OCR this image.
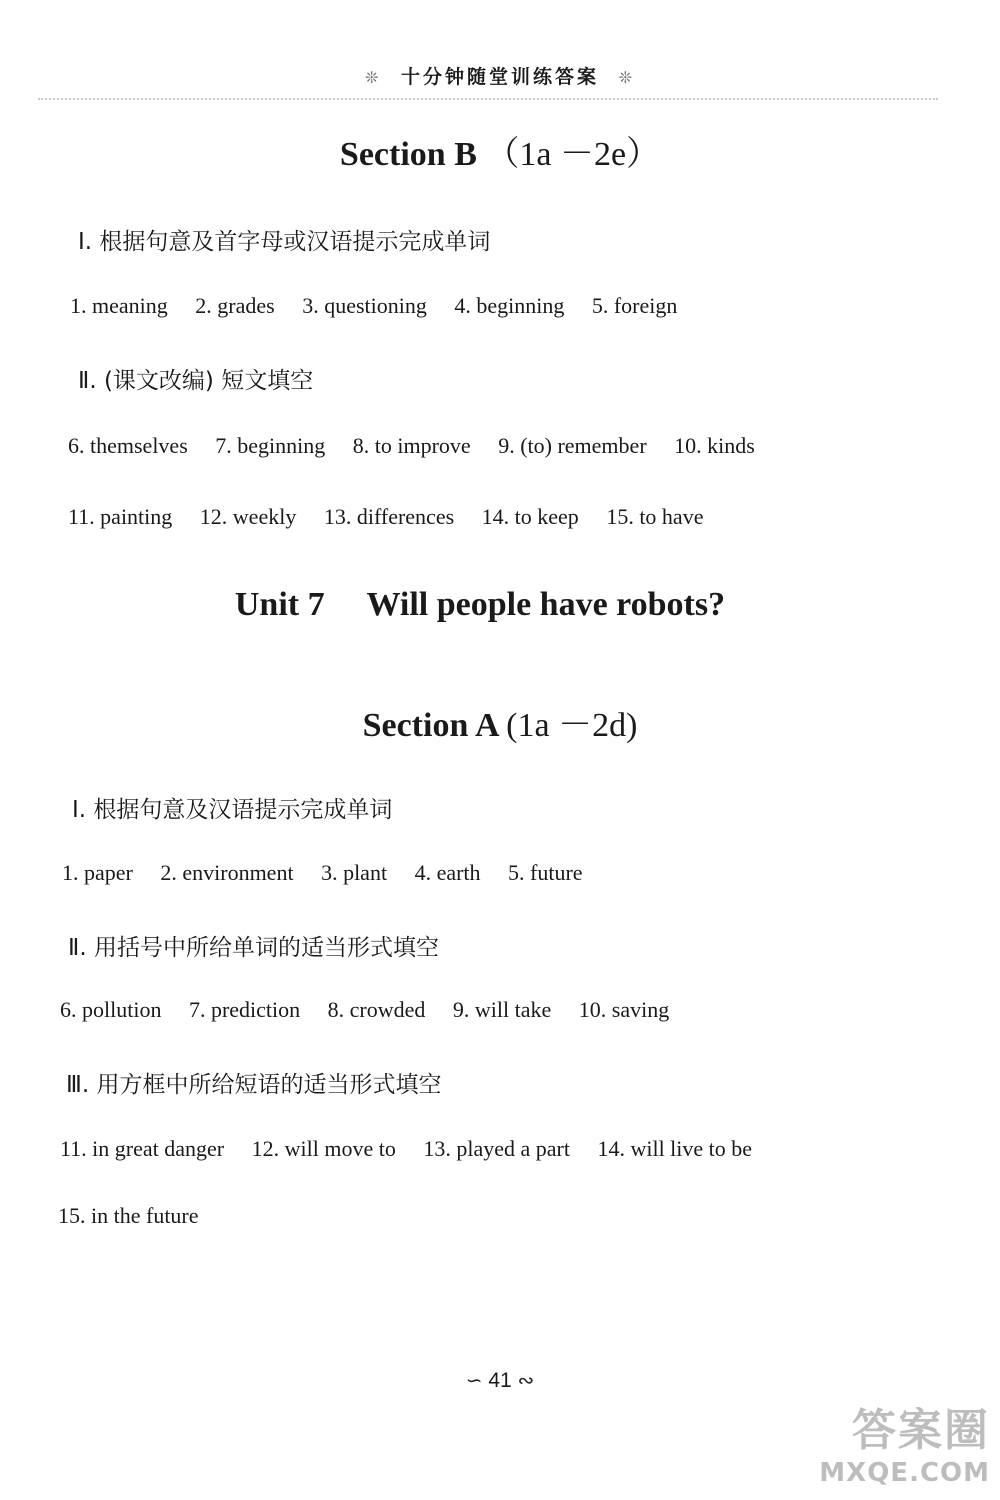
❊ 十分钟随堂训练答案 ❊
Section B （1a －2e）
Ⅰ. 根据句意及首字母或汉语提示完成单词
1. meaning 2. grades 3. questioning 4. beginning 5. foreign
Ⅱ. (课文改编) 短文填空
6. themselves 7. beginning 8. to improve 9. (to) remember 10. kinds
11. painting 12. weekly 13. differences 14. to keep 15. to have
Unit 7 Will people have robots?
Section A (1a －2d)
Ⅰ. 根据句意及汉语提示完成单词
1. paper 2. environment 3. plant 4. earth 5. future
Ⅱ. 用括号中所给单词的适当形式填空
6. pollution 7. prediction 8. crowded 9. will take 10. saving
Ⅲ. 用方框中所给短语的适当形式填空
11. in great danger 12. will move to 13. played a part 14. will live to be
15. in the future
∽ 41 ∾
答案圈
MXQE.COM
